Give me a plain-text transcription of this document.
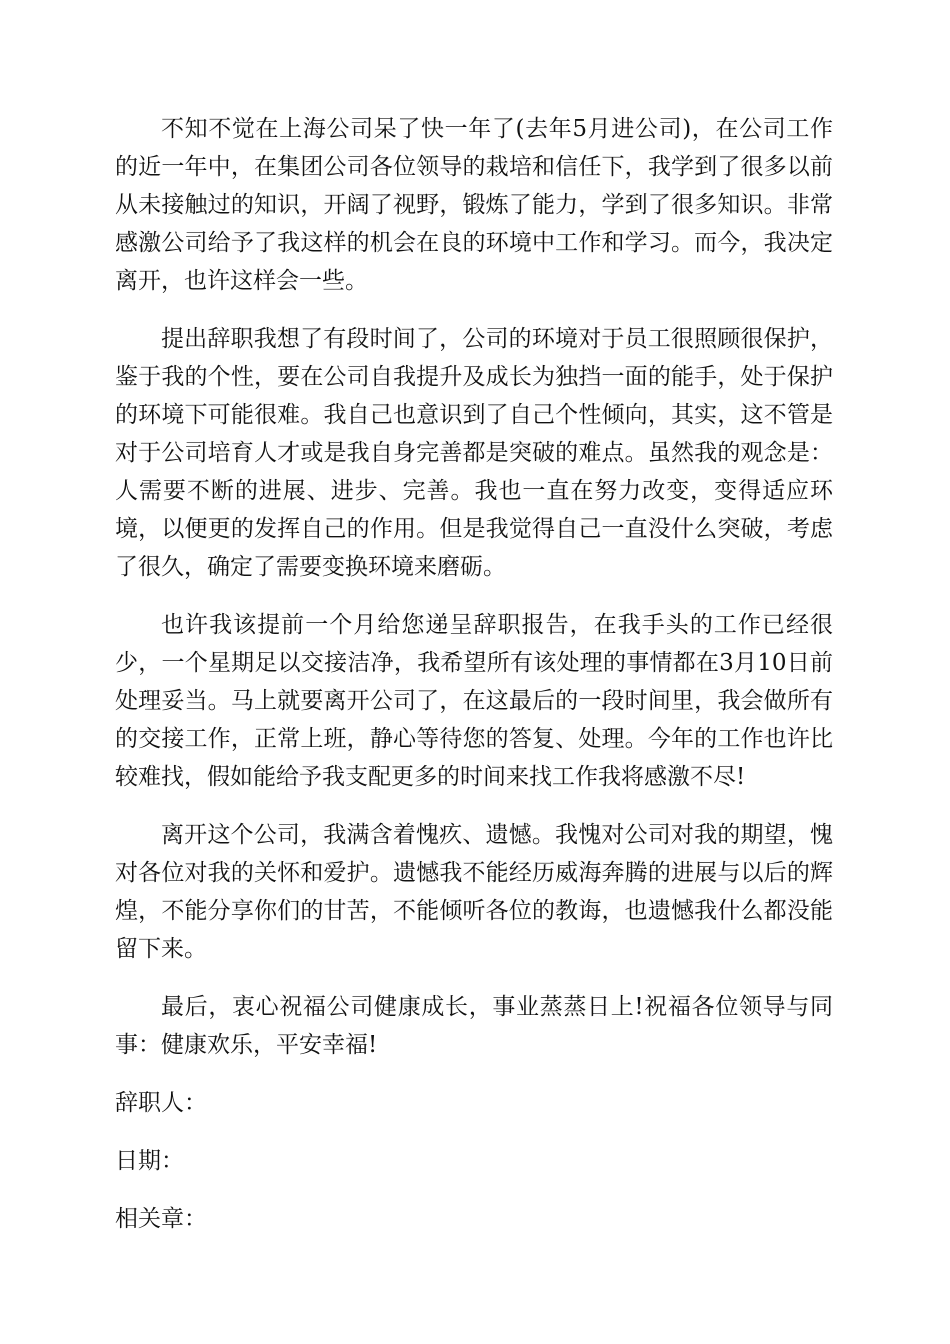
不知不觉在上海公司呆了快一年了(去年5月进公司)，在公司工作的近一年中，在集团公司各位领导的栽培和信任下，我学到了很多以前从未接触过的知识，开阔了视野，锻炼了能力，学到了很多知识。非常感激公司给予了我这样的机会在良的环境中工作和学习。而今，我决定离开，也许这样会一些。

提出辞职我想了有段时间了，公司的环境对于员工很照顾很保护，鉴于我的个性，要在公司自我提升及成长为独挡一面的能手，处于保护的环境下可能很难。我自己也意识到了自己个性倾向，其实，这不管是对于公司培育人才或是我自身完善都是突破的难点。虽然我的观念是：人需要不断的进展、进步、完善。我也一直在努力改变，变得适应环境，以便更的发挥自己的作用。但是我觉得自己一直没什么突破，考虑了很久，确定了需要变换环境来磨砺。

也许我该提前一个月给您递呈辞职报告，在我手头的工作已经很少，一个星期足以交接洁净，我希望所有该处理的事情都在3月10日前处理妥当。马上就要离开公司了，在这最后的一段时间里，我会做所有的交接工作，正常上班，静心等待您的答复、处理。今年的工作也许比较难找，假如能给予我支配更多的时间来找工作我将感激不尽!

离开这个公司，我满含着愧疚、遗憾。我愧对公司对我的期望，愧对各位对我的关怀和爱护。遗憾我不能经历威海奔腾的进展与以后的辉煌，不能分享你们的甘苦，不能倾听各位的教诲，也遗憾我什么都没能留下来。

最后，衷心祝福公司健康成长，事业蒸蒸日上!祝福各位领导与同事：健康欢乐，平安幸福!

辞职人：

日期：

相关章：
